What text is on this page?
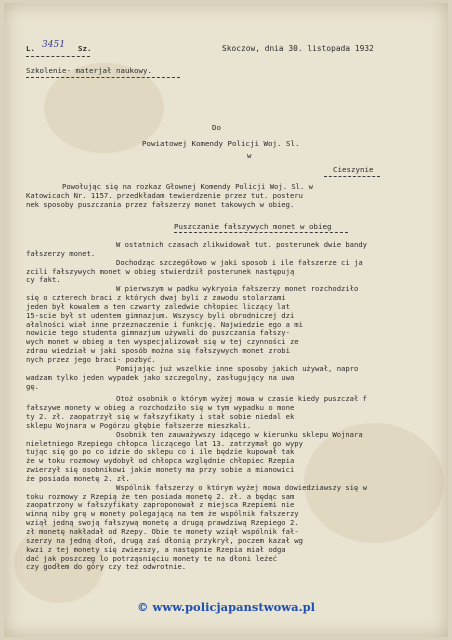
L. 3451 Sz.	Skoczow, dnia 30. listopada 1932
Szkolenie- materjał naukowy.
Do
Powiatowej Komendy Policji Woj. Sl.
w
Cieszynie
Powołując się na rozkaz Głownej Komendy Policji Woj. Sl. w
Katowicach Nr. 1157. przedkładam tewierdzenie przez tut. posteru
nek sposoby puszczania przez fałszerzy monet takowych w obieg.
Puszczanie fałszywych monet w obieg
W ostatnich czasach zlikwidował tut. posterunek dwie bandy
fałszerzy monet.
Dochodząc szczegółowo w jaki sposob i ile fałszerze ci ja
zcili fałszywych monet w obieg stwierdził posterunek następują
cy fakt.
W pierwszym w padku wykryoia fałszerzy monet rozchodziło
się o czterech braci z których dwaj byli z zawodu stolarzami
jeden był kowalem a ten czwarty zaledwie chłopiec liczący lat
15-scie był st udentem gimnazjum. Wszyscy byli obrodniczej dzi
ałalności wiał inne przeznaczenie i funkcję. Najwiedzie ego a mi
nowicie tego studenta gimnazjum używali do puszczania fałszy-
wych monet w obieg a ten wyspecjalizował się w tej czynności ze
zdrau wiedział w jaki sposób można się fałszywych monet zrobi
nych przez jego braci- pozbyć.
Pomijając już wszelkie inne sposoby jakich używał, napro
wadzam tylko jeden wypadek jako szczegolny, zasługujący na uwa
gę.
Otoż osobnik o którym wyżej mowa w czasie kiedy puszczał f
fałszywe monety w obieg a rozchodziło się w tym wypadku o mone
ty 2. zł. zaopatrzył się w fałszyfikaty i stał sobie niedal ek
sklepu Wojnara w Pogórzu głębie fałszerze mieszkali.
Osobnik ten zauważywszy idącego w kierunku sklepu Wojnara
nieletniego Rzepiego chłopca liczącego lat 13. zatrzymał go wypy
tując się go po co idzie do sklepu co i ile będzie kupował tak
że w toku rozmowy wydobył od chłopca względnie chłopiec Rzepia
zwierzył się osobnikowi jakie monety ma przy sobie a mianowici
że posiada monetę 2. zł.
Wspólnik fałszerzy o którym wyżej mowa dowiedziawszy się w
toku rozmowy z Rzepią że ten posiada monetę 2. zł. a będąc sam
zaopatrzony w fałszyfikaty zaproponował z miejsca Rzepiemi nie
winną niby grę w monety polegającą na tem że wspólnik fałszerzy
wziął jedną swoją fałszywą monetę a drugą prawdziwą Rzepiego 2.
zł monetę nakładał od Rzepy. Obie te monety wziął wspólnik fał-
szerzy na jedną dłoń, drugą zaś dłonią przykrył, poczem kazał wg
kwzi z tej monety się zwiezszy, a następnie Rzepia miał odga
dać jak poszczeg lo potrząsnięciu monety te na dłoni leżeć
czy godłem do góry czy też odwrotnie.
© www.policjapanstwowa.pl
